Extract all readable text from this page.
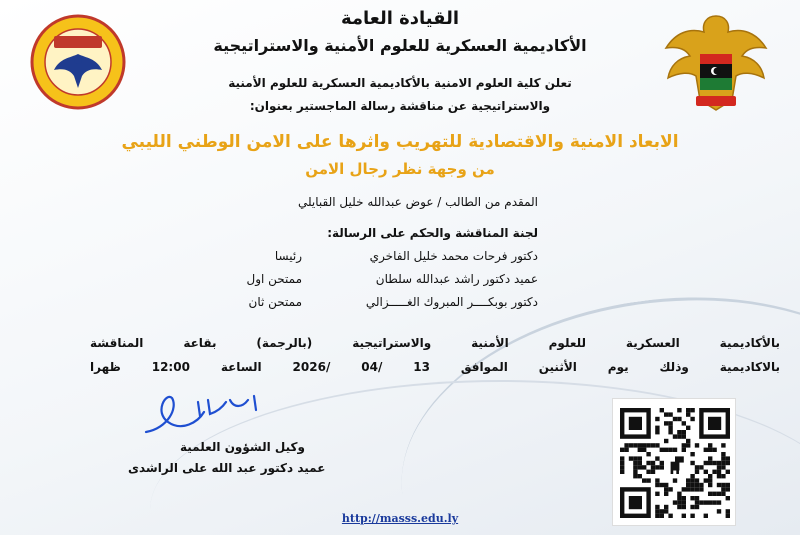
القيادة العامة
الأكاديمية العسكرية للعلوم الأمنية والاستراتيجية
تعلن كلية العلوم الامنية بالأكاديمية العسكرية للعلوم الأمنية
والاستراتيجية عن مناقشة رسالة الماجستير بعنوان:
الابعاد الامنية والاقتصادية للتهريب واثرها على الامن الوطني الليبي
من وجهة نظر رجال الامن
المقدم من الطالب / عوض عبدالله خليل القبايلي
لجنة المناقشة والحكم على الرسالة:
دكتور فرحات محمد خليل الفاخري
رئيسا
عميد دكتور راشد عبدالله سلطان
ممتحن اول
دكتور بوبكــــر المبروك الغـــــزالي
ممتحن ثان
بالأكاديمية العسكرية للعلوم الأمنية والاستراتيجية (بالرجمة) بقاعة المناقشة
بالاكاديمية وذلك يوم الأثنين الموافق 13 /04 /2026 الساعة 12:00 ظهرا
وكيل الشؤون العلمية
عميد دكتور عبد الله على الراشدى
http://masss.edu.ly
